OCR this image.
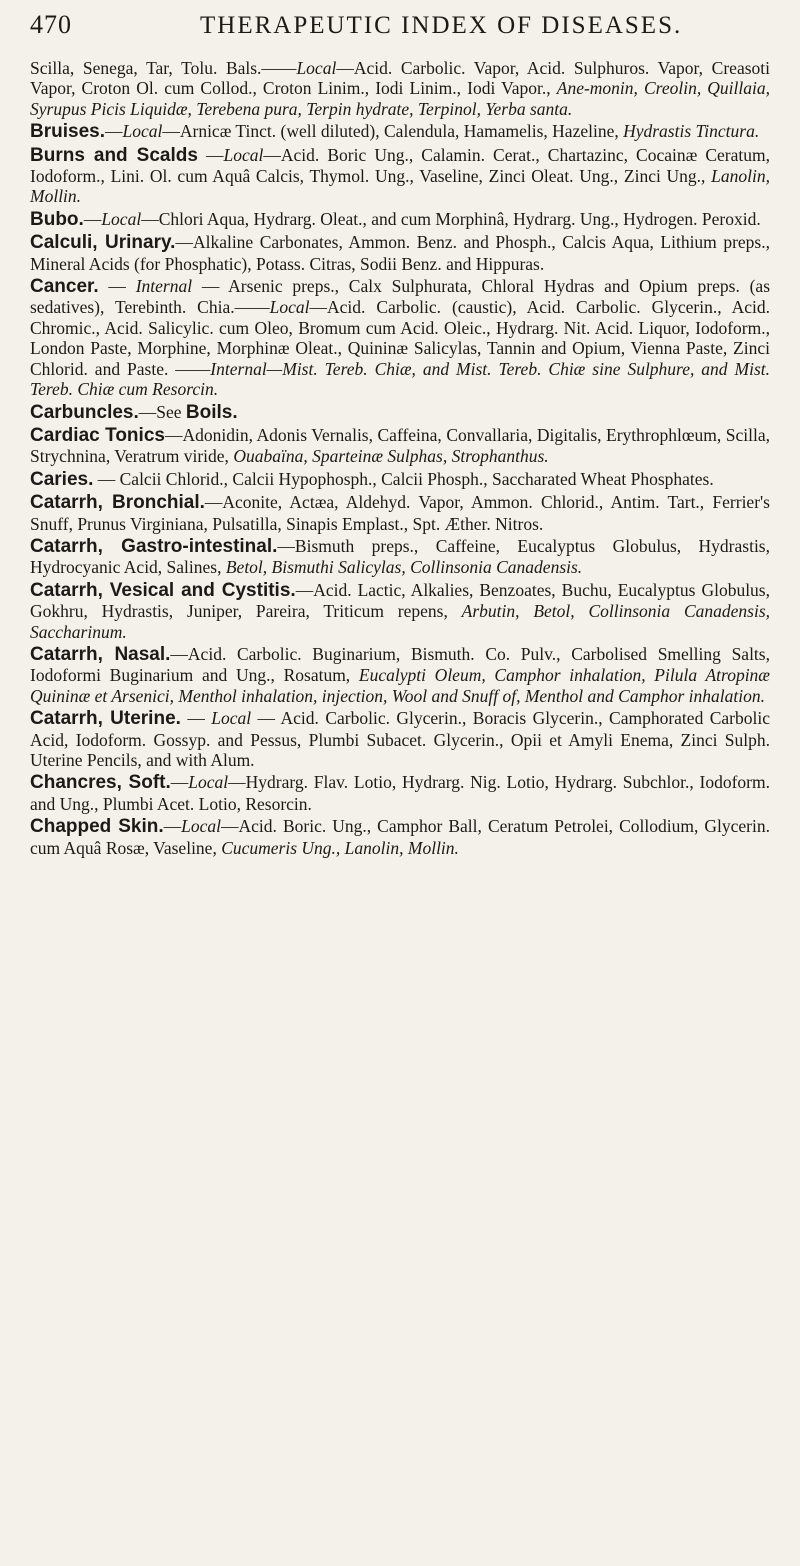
470	THERAPEUTIC INDEX OF DISEASES.

Scilla, Senega, Tar, Tolu. Bals.——Local—Acid. Carbolic. Vapor, Acid. Sulphuros. Vapor, Creasoti Vapor, Croton Ol. cum Collod., Croton Linim., Iodi Linim., Iodi Vapor., Ane-monin, Creolin, Quillaia, Syrupus Picis Liquidæ, Terebena pura, Terpin hydrate, Terpinol, Yerba santa.

Bruises.—Local—Arnicæ Tinct. (well diluted), Calendula, Hamamelis, Hazeline, Hydrastis Tinctura.

Burns and Scalds —Local—Acid. Boric Ung., Calamin. Cerat., Chartazinc, Cocainæ Ceratum, Iodoform., Lini. Ol. cum Aquâ Calcis, Thymol. Ung., Vaseline, Zinci Oleat. Ung., Zinci Ung., Lanolin, Mollin.

Bubo.—Local—Chlori Aqua, Hydrarg. Oleat., and cum Morphinâ, Hydrarg. Ung., Hydrogen. Peroxid.

Calculi, Urinary.—Alkaline Carbonates, Ammon. Benz. and Phosph., Calcis Aqua, Lithium preps., Mineral Acids (for Phosphatic), Potass. Citras, Sodii Benz. and Hippuras.

Cancer. — Internal — Arsenic preps., Calx Sulphurata, Chloral Hydras and Opium preps. (as sedatives), Terebinth. Chia.——Local—Acid. Carbolic. (caustic), Acid. Carbolic. Glycerin., Acid. Chromic., Acid. Salicylic. cum Oleo, Bromum cum Acid. Oleic., Hydrarg. Nit. Acid. Liquor, Iodoform., London Paste, Morphine, Morphinæ Oleat., Quininæ Salicylas, Tannin and Opium, Vienna Paste, Zinci Chlorid. and Paste. ——Internal—Mist. Tereb. Chiæ, and Mist. Tereb. Chiæ sine Sulphure, and Mist. Tereb. Chiæ cum Resorcin.

Carbuncles.—See Boils.

Cardiac Tonics—Adonidin, Adonis Vernalis, Caffeina, Convallaria, Digitalis, Erythrophlœum, Scilla, Strychnina, Veratrum viride, Ouabaïna, Sparteinæ Sulphas, Strophanthus.

Caries. — Calcii Chlorid., Calcii Hypophosph., Calcii Phosph., Saccharated Wheat Phosphates.

Catarrh, Bronchial.—Aconite, Actæa, Aldehyd. Vapor, Ammon. Chlorid., Antim. Tart., Ferrier's Snuff, Prunus Virginiana, Pulsatilla, Sinapis Emplast., Spt. Æther. Nitros.

Catarrh, Gastro-intestinal.—Bismuth preps., Caffeine, Eucalyptus Globulus, Hydrastis, Hydrocyanic Acid, Salines, Betol, Bismuthi Salicylas, Collinsonia Canadensis.

Catarrh, Vesical and Cystitis.—Acid. Lactic, Alkalies, Benzoates, Buchu, Eucalyptus Globulus, Gokhru, Hydrastis, Juniper, Pareira, Triticum repens, Arbutin, Betol, Collinsonia Canadensis, Saccharinum.

Catarrh, Nasal.—Acid. Carbolic. Buginarium, Bismuth. Co. Pulv., Carbolised Smelling Salts, Iodoformi Buginarium and Ung., Rosatum, Eucalypti Oleum, Camphor inhalation, Pilula Atropinæ Quininæ et Arsenici, Menthol inhalation, injection, Wool and Snuff of, Menthol and Camphor inhalation.

Catarrh, Uterine. — Local — Acid. Carbolic. Glycerin., Boracis Glycerin., Camphorated Carbolic Acid, Iodoform. Gossyp. and Pessus, Plumbi Subacet. Glycerin., Opii et Amyli Enema, Zinci Sulph. Uterine Pencils, and with Alum.

Chancres, Soft.—Local—Hydrarg. Flav. Lotio, Hydrarg. Nig. Lotio, Hydrarg. Subchlor., Iodoform. and Ung., Plumbi Acet. Lotio, Resorcin.

Chapped Skin.—Local—Acid. Boric. Ung., Camphor Ball, Ceratum Petrolei, Collodium, Glycerin. cum Aquâ Rosæ, Vaseline, Cucumeris Ung., Lanolin, Mollin.
